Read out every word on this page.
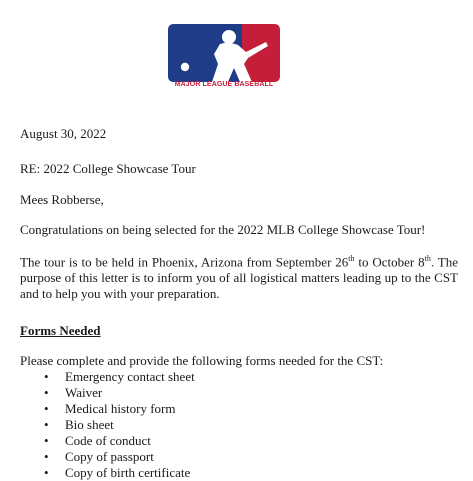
MAJOR LEAGUE BASEBALL
August 30, 2022
RE: 2022 College Showcase Tour
Mees Robberse,
Congratulations on being selected for the 2022 MLB College Showcase Tour!
The tour is to be held in Phoenix, Arizona from September 26th to October 8th. The purpose of this letter is to inform you of all logistical matters leading up to the CST and to help you with your preparation.
Forms Needed
Please complete and provide the following forms needed for the CST:
• Emergency contact sheet
• Waiver
• Medical history form
• Bio sheet
• Code of conduct
• Copy of passport
• Copy of birth certificate
